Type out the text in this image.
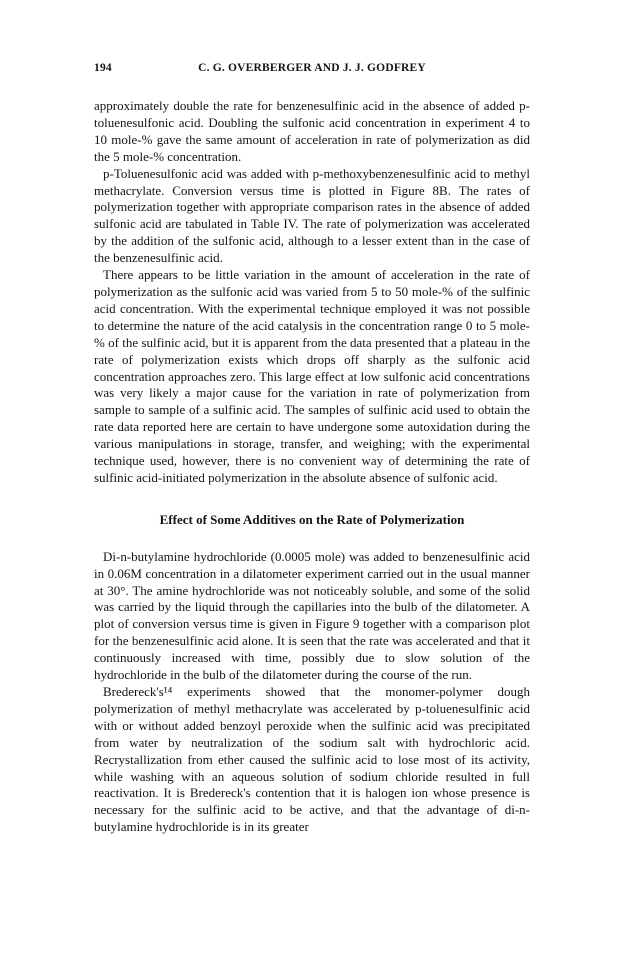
194	C. G. OVERBERGER AND J. J. GODFREY

approximately double the rate for benzenesulfinic acid in the absence of added p-toluenesulfonic acid. Doubling the sulfonic acid concentration in experiment 4 to 10 mole-% gave the same amount of acceleration in rate of polymerization as did the 5 mole-% concentration.

p-Toluenesulfonic acid was added with p-methoxybenzenesulfinic acid to methyl methacrylate. Conversion versus time is plotted in Figure 8B. The rates of polymerization together with appropriate comparison rates in the absence of added sulfonic acid are tabulated in Table IV. The rate of polymerization was accelerated by the addition of the sulfonic acid, although to a lesser extent than in the case of the benzenesulfinic acid.

There appears to be little variation in the amount of acceleration in the rate of polymerization as the sulfonic acid was varied from 5 to 50 mole-% of the sulfinic acid concentration. With the experimental technique employed it was not possible to determine the nature of the acid catalysis in the concentration range 0 to 5 mole-% of the sulfinic acid, but it is apparent from the data presented that a plateau in the rate of polymerization exists which drops off sharply as the sulfonic acid concentration approaches zero. This large effect at low sulfonic acid concentrations was very likely a major cause for the variation in rate of polymerization from sample to sample of a sulfinic acid. The samples of sulfinic acid used to obtain the rate data reported here are certain to have undergone some autoxidation during the various manipulations in storage, transfer, and weighing; with the experimental technique used, however, there is no convenient way of determining the rate of sulfinic acid-initiated polymerization in the absolute absence of sulfonic acid.

Effect of Some Additives on the Rate of Polymerization

Di-n-butylamine hydrochloride (0.0005 mole) was added to benzenesulfinic acid in 0.06M concentration in a dilatometer experiment carried out in the usual manner at 30°. The amine hydrochloride was not noticeably soluble, and some of the solid was carried by the liquid through the capillaries into the bulb of the dilatometer. A plot of conversion versus time is given in Figure 9 together with a comparison plot for the benzenesulfinic acid alone. It is seen that the rate was accelerated and that it continuously increased with time, possibly due to slow solution of the hydrochloride in the bulb of the dilatometer during the course of the run.

Bredereck's¹⁴ experiments showed that the monomer-polymer dough polymerization of methyl methacrylate was accelerated by p-toluenesulfinic acid with or without added benzoyl peroxide when the sulfinic acid was precipitated from water by neutralization of the sodium salt with hydrochloric acid. Recrystallization from ether caused the sulfinic acid to lose most of its activity, while washing with an aqueous solution of sodium chloride resulted in full reactivation. It is Bredereck's contention that it is halogen ion whose presence is necessary for the sulfinic acid to be active, and that the advantage of di-n-butylamine hydrochloride is in its greater
